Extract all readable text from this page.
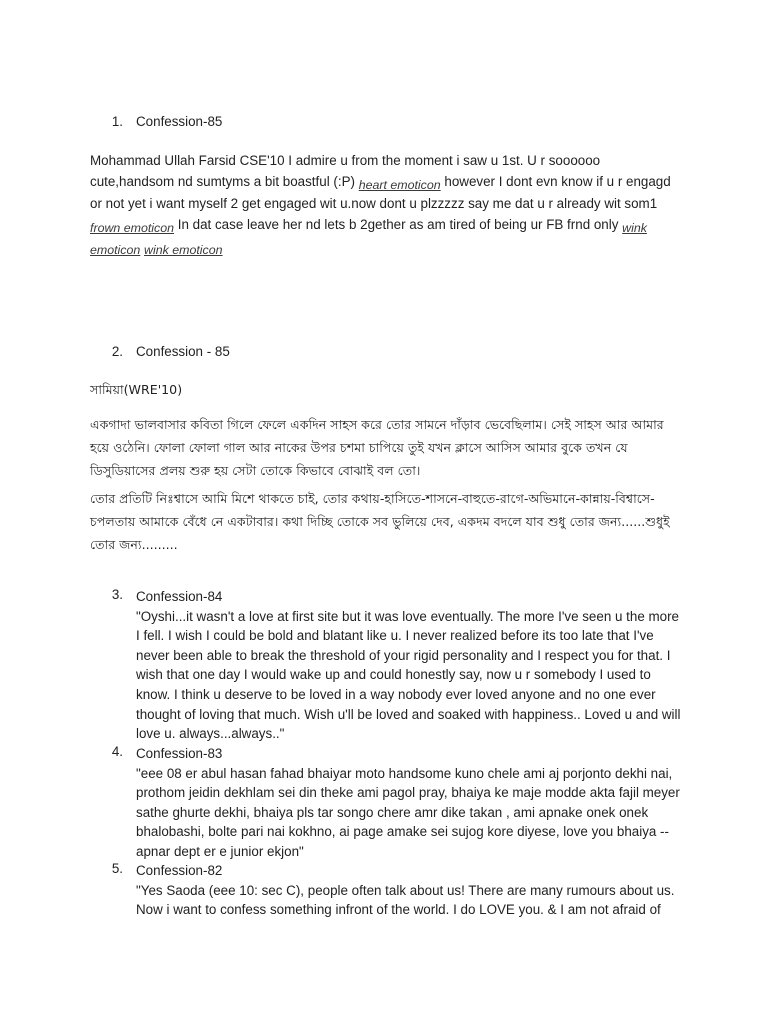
1. Confession-85
Mohammad Ullah Farsid CSE'10 I admire u from the moment i saw u 1st. U r soooooo cute,handsom nd sumtyms a bit boastful (:P) heart emoticon however I dont evn know if u r engagd or not yet i want myself 2 get engaged wit u.now dont u plzzzzz say me dat u r already wit som1 frown emoticon In dat case leave her nd lets b 2gether as am tired of being ur FB frnd only wink emoticon wink emoticon
2. Confession - 85
সামিয়া(WRE'10)
একগাদা ভালবাসার কবিতা গিলে ফেলে একদিন সাহস করে তোর সামনে দাঁড়াব ভেবেছিলাম। সেই সাহস আর আমার হয়ে ওঠেনি। ফোলা ফোলা গাল আর নাকের উপর চশমা চাপিয়ে তুই যখন ক্লাসে আসিস আমার বুকে তখন যে ডিসুডিয়াসের প্রলয় শুরু হয় সেটা তোকে কিভাবে বোঝাই বল তো।
তোর প্রতিটি নিঃশ্বাসে আমি মিশে থাকতে চাই, তোর কথায়-হাসিতে-শাসনে-বাহুতে-রাগে-অভিমানে-কান্নায়-বিশ্বাসে-চপলতায় আমাকে বেঁধে নে একটাবার। কথা দিচ্ছি তোকে সব ভুলিয়ে দেব, একদম বদলে যাব শুধু তোর জন্য......শুধুই তোর জন্য.........
3. Confession-84
"Oyshi...it wasn't a love at first site but it was love eventually. The more I've seen u the more I fell. I wish I could be bold and blatant like u. I never realized before its too late that I've never been able to break the threshold of your rigid personality and I respect you for that. I wish that one day I would wake up and could honestly say, now u r somebody I used to know. I think u deserve to be loved in a way nobody ever loved anyone and no one ever thought of loving that much. Wish u'll be loved and soaked with happiness.. Loved u and will love u. always...always.."
4. Confession-83
"eee 08 er abul hasan fahad bhaiyar moto handsome kuno chele ami aj porjonto dekhi nai, prothom jeidin dekhlam sei din theke ami pagol pray, bhaiya ke maje modde akta fajil meyer sathe ghurte dekhi, bhaiya pls tar songo chere amr dike takan , ami apnake onek onek bhalobashi, bolte pari nai kokhno, ai page amake sei sujog kore diyese, love you bhaiya -- apnar dept er e junior ekjon"
5. Confession-82
"Yes Saoda (eee 10: sec C), people often talk about us! There are many rumours about us. Now i want to confess something infront of the world. I do LOVE you. & I am not afraid of
